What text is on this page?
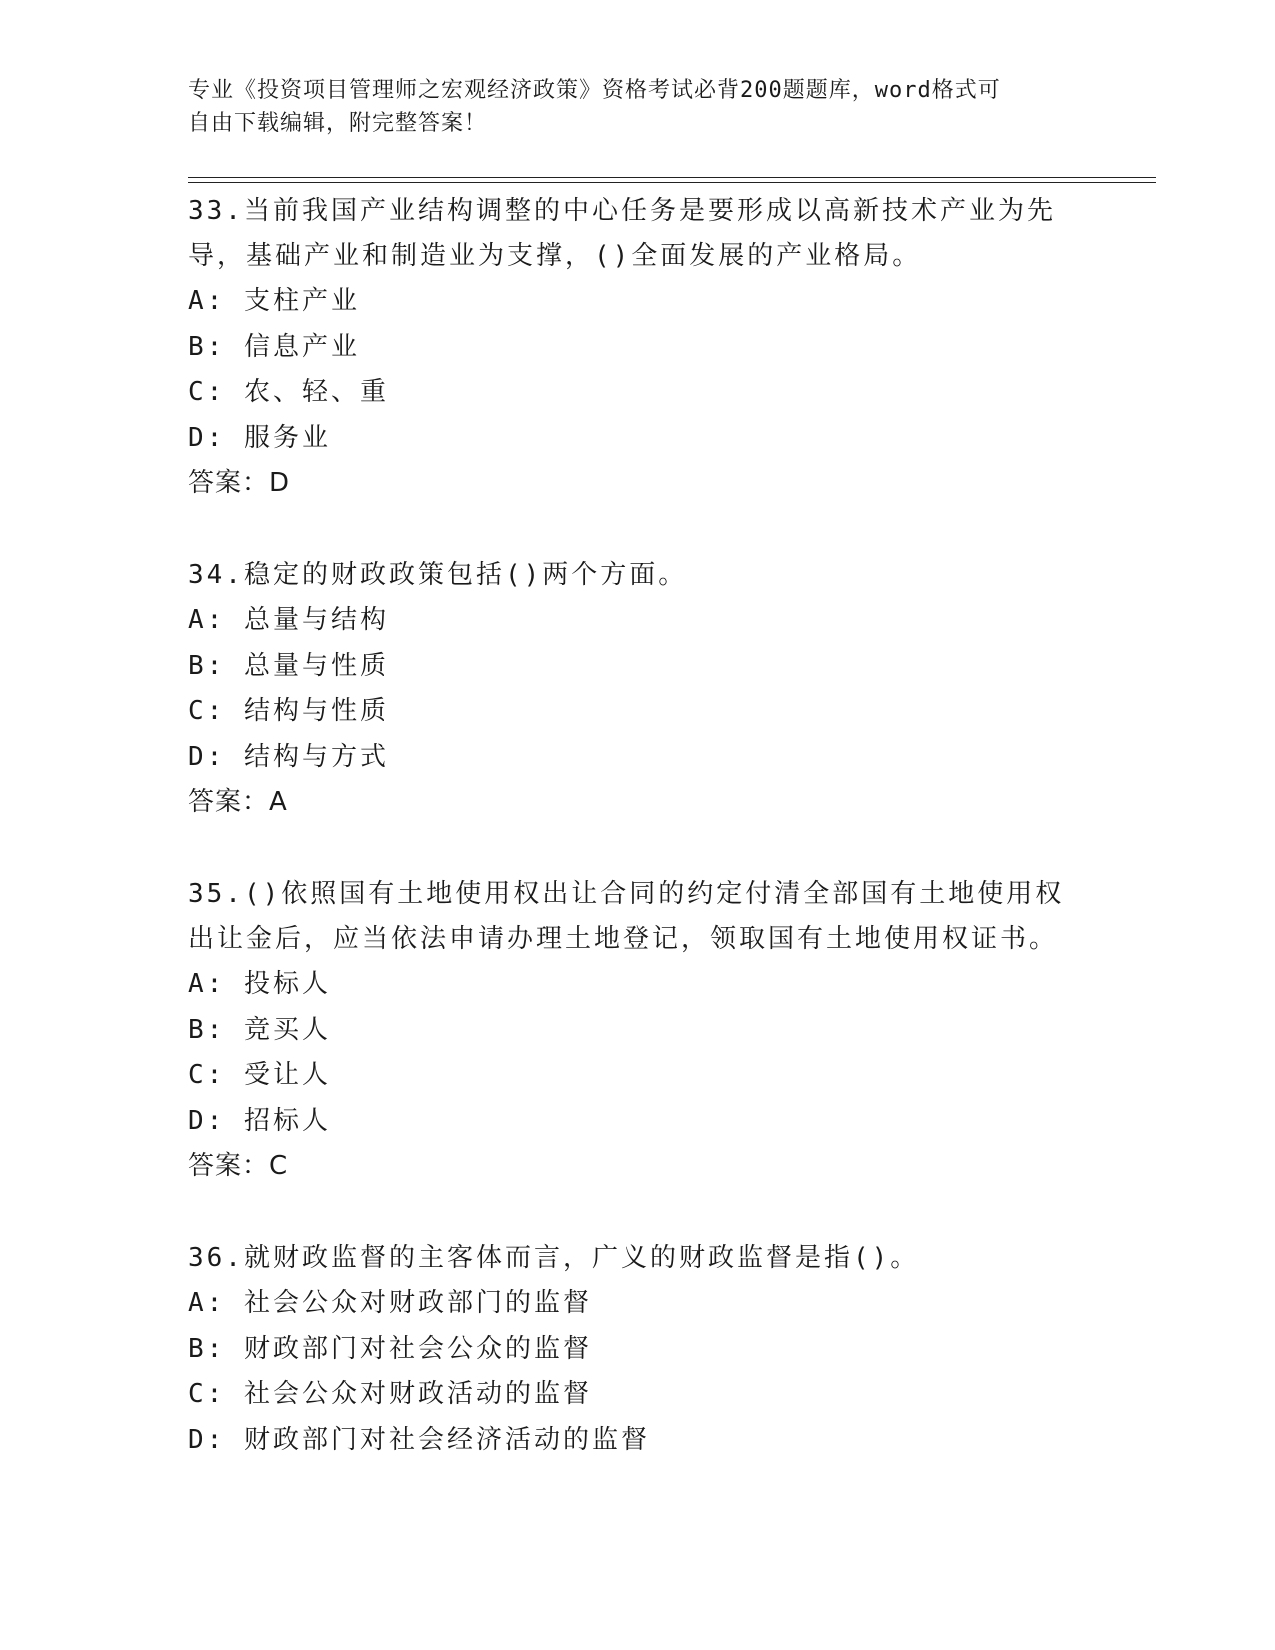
专业《投资项目管理师之宏观经济政策》资格考试必背200题题库，word格式可
自由下载编辑，附完整答案！

33.当前我国产业结构调整的中心任务是要形成以高新技术产业为先导，基础产业和制造业为支撑，()全面发展的产业格局。

A: 支柱产业
B: 信息产业
C: 农、轻、重
D: 服务业
答案：D

34.稳定的财政政策包括()两个方面。

A: 总量与结构
B: 总量与性质
C: 结构与性质
D: 结构与方式
答案：A

35.()依照国有土地使用权出让合同的约定付清全部国有土地使用权出让金后，应当依法申请办理土地登记，领取国有土地使用权证书。

A: 投标人
B: 竞买人
C: 受让人
D: 招标人
答案：C

36.就财政监督的主客体而言，广义的财政监督是指()。

A: 社会公众对财政部门的监督
B: 财政部门对社会公众的监督
C: 社会公众对财政活动的监督
D: 财政部门对社会经济活动的监督
